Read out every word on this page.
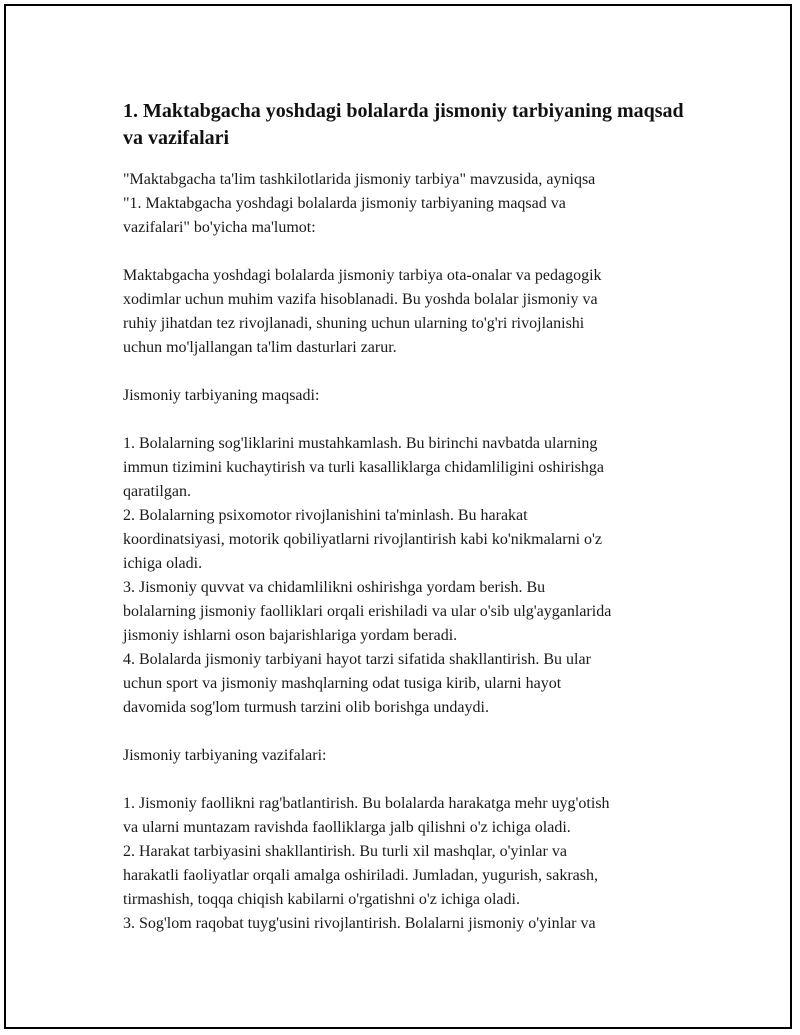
1. Maktabgacha yoshdagi bolalarda jismoniy tarbiyaning maqsad va vazifalari

"Maktabgacha ta'lim tashkilotlarida jismoniy tarbiya" mavzusida, ayniqsa
"1. Maktabgacha yoshdagi bolalarda jismoniy tarbiyaning maqsad va
vazifalari" bo'yicha ma'lumot:

Maktabgacha yoshdagi bolalarda jismoniy tarbiya ota-onalar va pedagogik
xodimlar uchun muhim vazifa hisoblanadi. Bu yoshda bolalar jismoniy va
ruhiy jihatdan tez rivojlanadi, shuning uchun ularning to'g'ri rivojlanishi
uchun mo'ljallangan ta'lim dasturlari zarur.

Jismoniy tarbiyaning maqsadi:

1. Bolalarning sog'liklarini mustahkamlash. Bu birinchi navbatda ularning
immun tizimini kuchaytirish va turli kasalliklarga chidamliligini oshirishga
qaratilgan.

2. Bolalarning psixomotor rivojlanishini ta'minlash. Bu harakat
koordinatsiyasi, motorik qobiliyatlarni rivojlantirish kabi ko'nikmalarni o'z
ichiga oladi.

3. Jismoniy quvvat va chidamlilikni oshirishga yordam berish. Bu
bolalarning jismoniy faolliklari orqali erishiladi va ular o'sib ulg'ayganlarida
jismoniy ishlarni oson bajarishlariga yordam beradi.

4. Bolalarda jismoniy tarbiyani hayot tarzi sifatida shakllantirish. Bu ular
uchun sport va jismoniy mashqlarning odat tusiga kirib, ularni hayot
davomida sog'lom turmush tarzini olib borishga undaydi.

Jismoniy tarbiyaning vazifalari:

1. Jismoniy faollikni rag'batlantirish. Bu bolalarda harakatga mehr uyg'otish
va ularni muntazam ravishda faolliklarga jalb qilishni o'z ichiga oladi.

2. Harakat tarbiyasini shakllantirish. Bu turli xil mashqlar, o'yinlar va
harakatli faoliyatlar orqali amalga oshiriladi. Jumladan, yugurish, sakrash,
tirmashish, toqqa chiqish kabilarni o'rgatishni o'z ichiga oladi.

3. Sog'lom raqobat tuyg'usini rivojlantirish. Bolalarni jismoniy o'yinlar va
